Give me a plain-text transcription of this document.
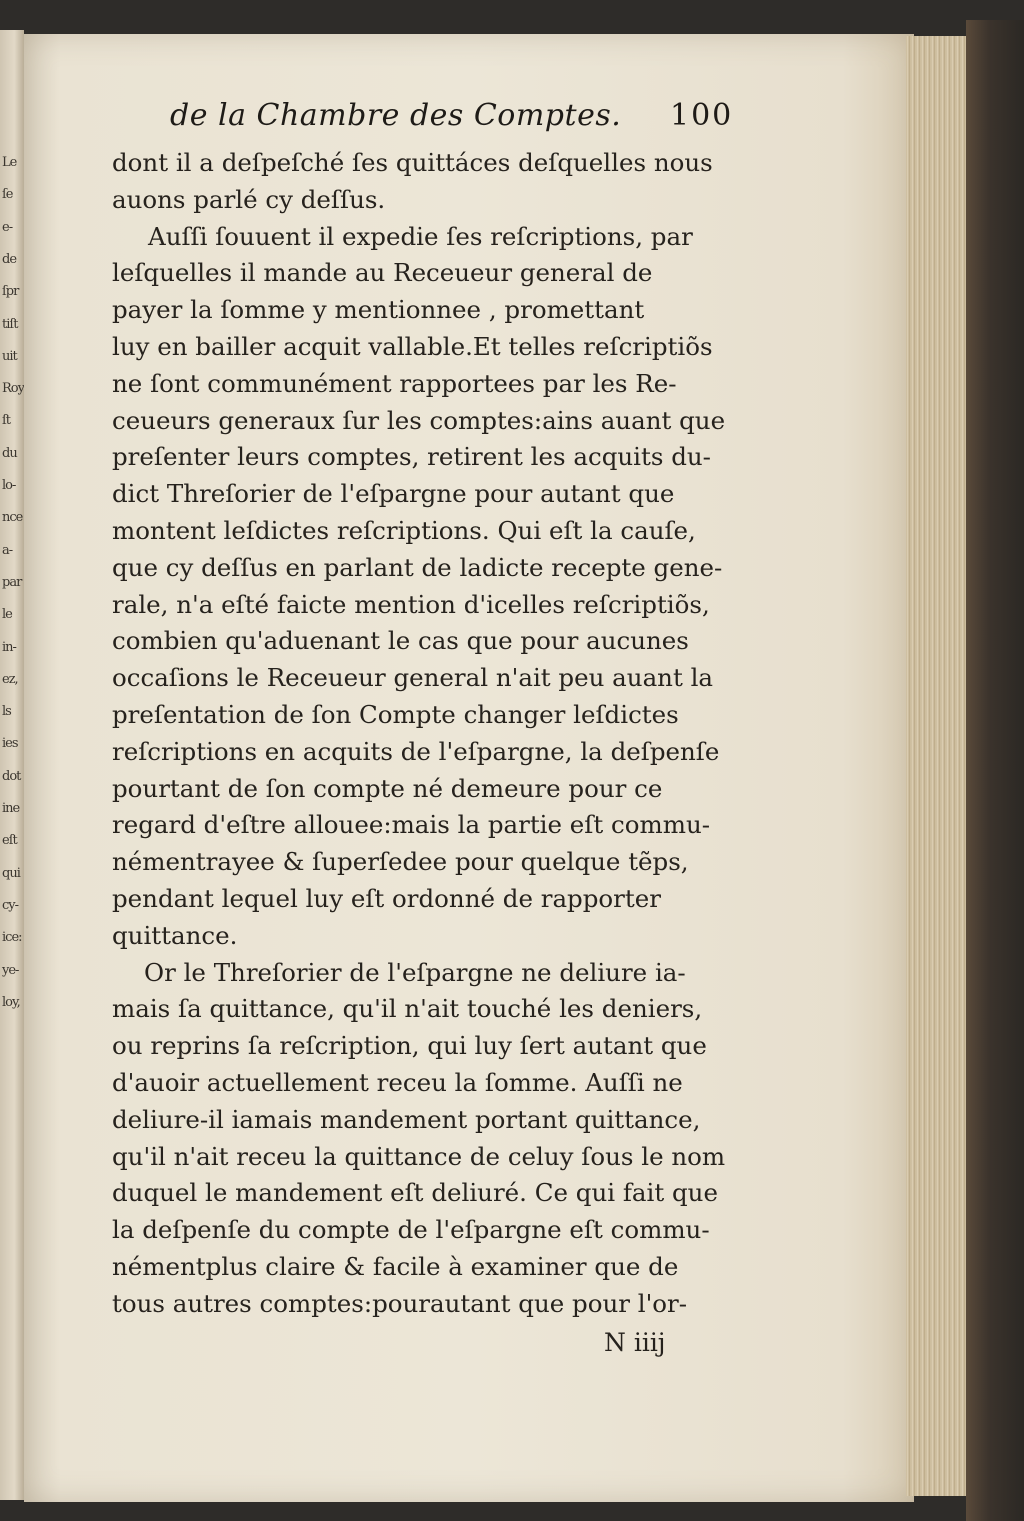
Le
ſe
e-
de
ſpr
tiſt
uit
Roy
ſt
du
lo-
nce
a-
par
le
in-
ez,
ls
ies
dot
ine
eſt
qui
cy-
ice:
ye-
loy,
de la Chambre des Comptes. 100
dont il a deſpeſché ſes quittáces deſquelles nous
auons parlé cy deſſus.
Auſſi ſouuent il expedie ſes reſcriptions, par
leſquelles il mande au Receueur general de
payer la ſomme y mentionnee , promettant
luy en bailler acquit vallable.Et telles reſcriptiõs
ne ſont communément rapportees par les Re-
ceueurs generaux ſur les comptes:ains auant que
preſenter leurs comptes, retirent les acquits du-
dict Threſorier de l'eſpargne pour autant que
montent leſdictes reſcriptions. Qui eſt la cauſe,
que cy deſſus en parlant de ladicte recepte gene-
rale, n'a eſté faicte mention d'icelles reſcriptiõs,
combien qu'aduenant le cas que pour aucunes
occaſions le Receueur general n'ait peu auant la
preſentation de ſon Compte changer leſdictes
reſcriptions en acquits de l'eſpargne, la deſpenſe
pourtant de ſon compte né demeure pour ce
regard d'eſtre allouee:mais la partie eſt commu-
némentrayee & ſuperſedee pour quelque tẽps,
pendant lequel luy eſt ordonné de rapporter
quittance.
Or le Threſorier de l'eſpargne ne deliure ia-
mais ſa quittance, qu'il n'ait touché les deniers,
ou reprins ſa reſcription, qui luy ſert autant que
d'auoir actuellement receu la ſomme. Auſſi ne
deliure-il iamais mandement portant quittance,
qu'il n'ait receu la quittance de celuy ſous le nom
duquel le mandement eſt deliuré. Ce qui fait que
la deſpenſe du compte de l'eſpargne eſt commu-
némentplus claire & facile à examiner que de
tous autres comptes:pourautant que pour l'or-
N iiij
